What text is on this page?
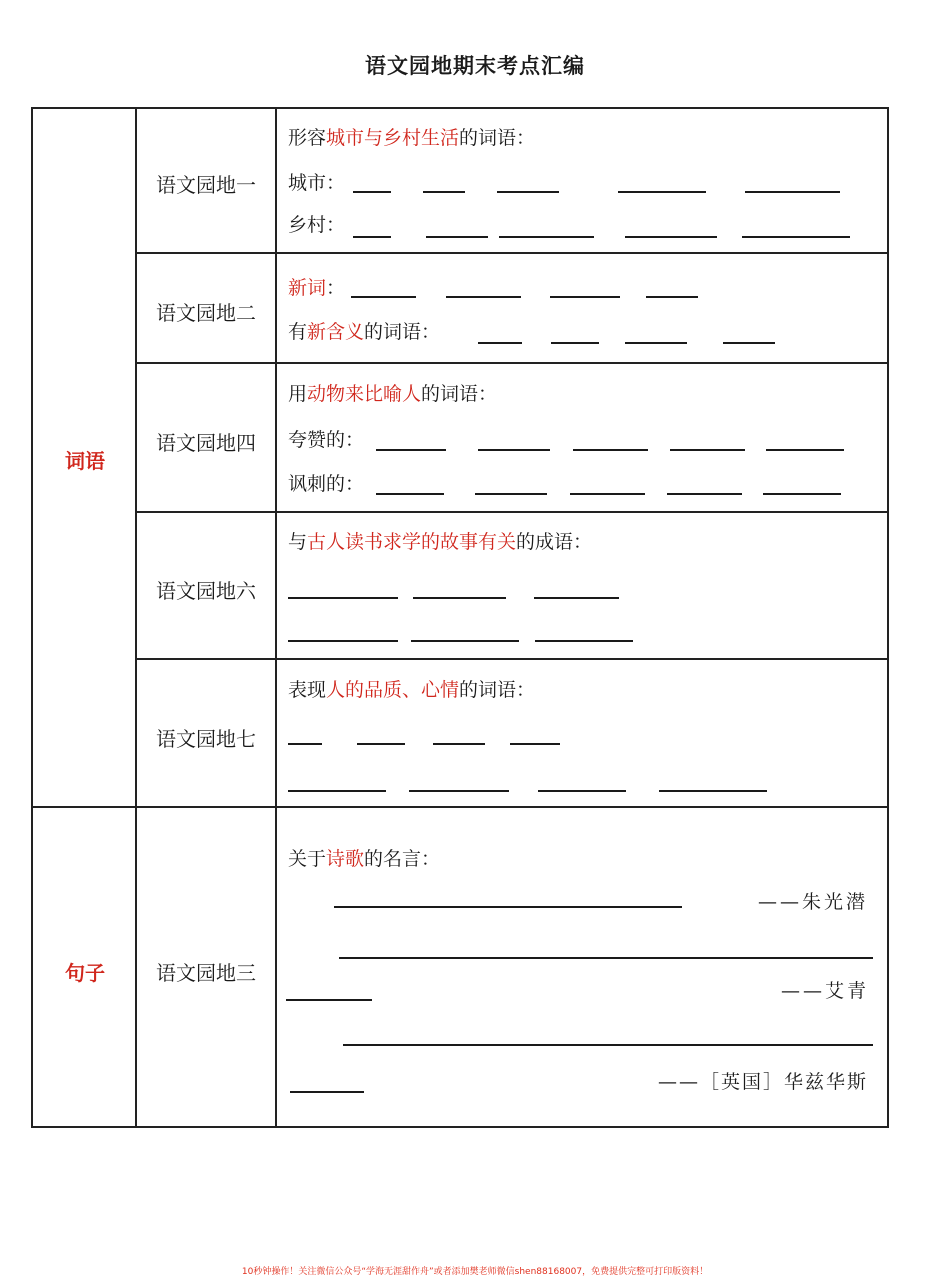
语文园地期末考点汇编
词语
句子
语文园地一
语文园地二
语文园地四
语文园地六
语文园地七
语文园地三
形容城市与乡村生活的词语：
城市：
乡村：
新词：
有新含义的词语：
用动物来比喻人的词语：
夸赞的：
讽刺的：
与古人读书求学的故事有关的成语：
表现人的品质、心情的词语：
关于诗歌的名言：
——朱光潜
——艾青
——［英国］华兹华斯
10秒钟操作！关注微信公众号“学海无涯甜作舟”或者添加樊老师微信shen88168007，免费提供完整可打印版资料！
